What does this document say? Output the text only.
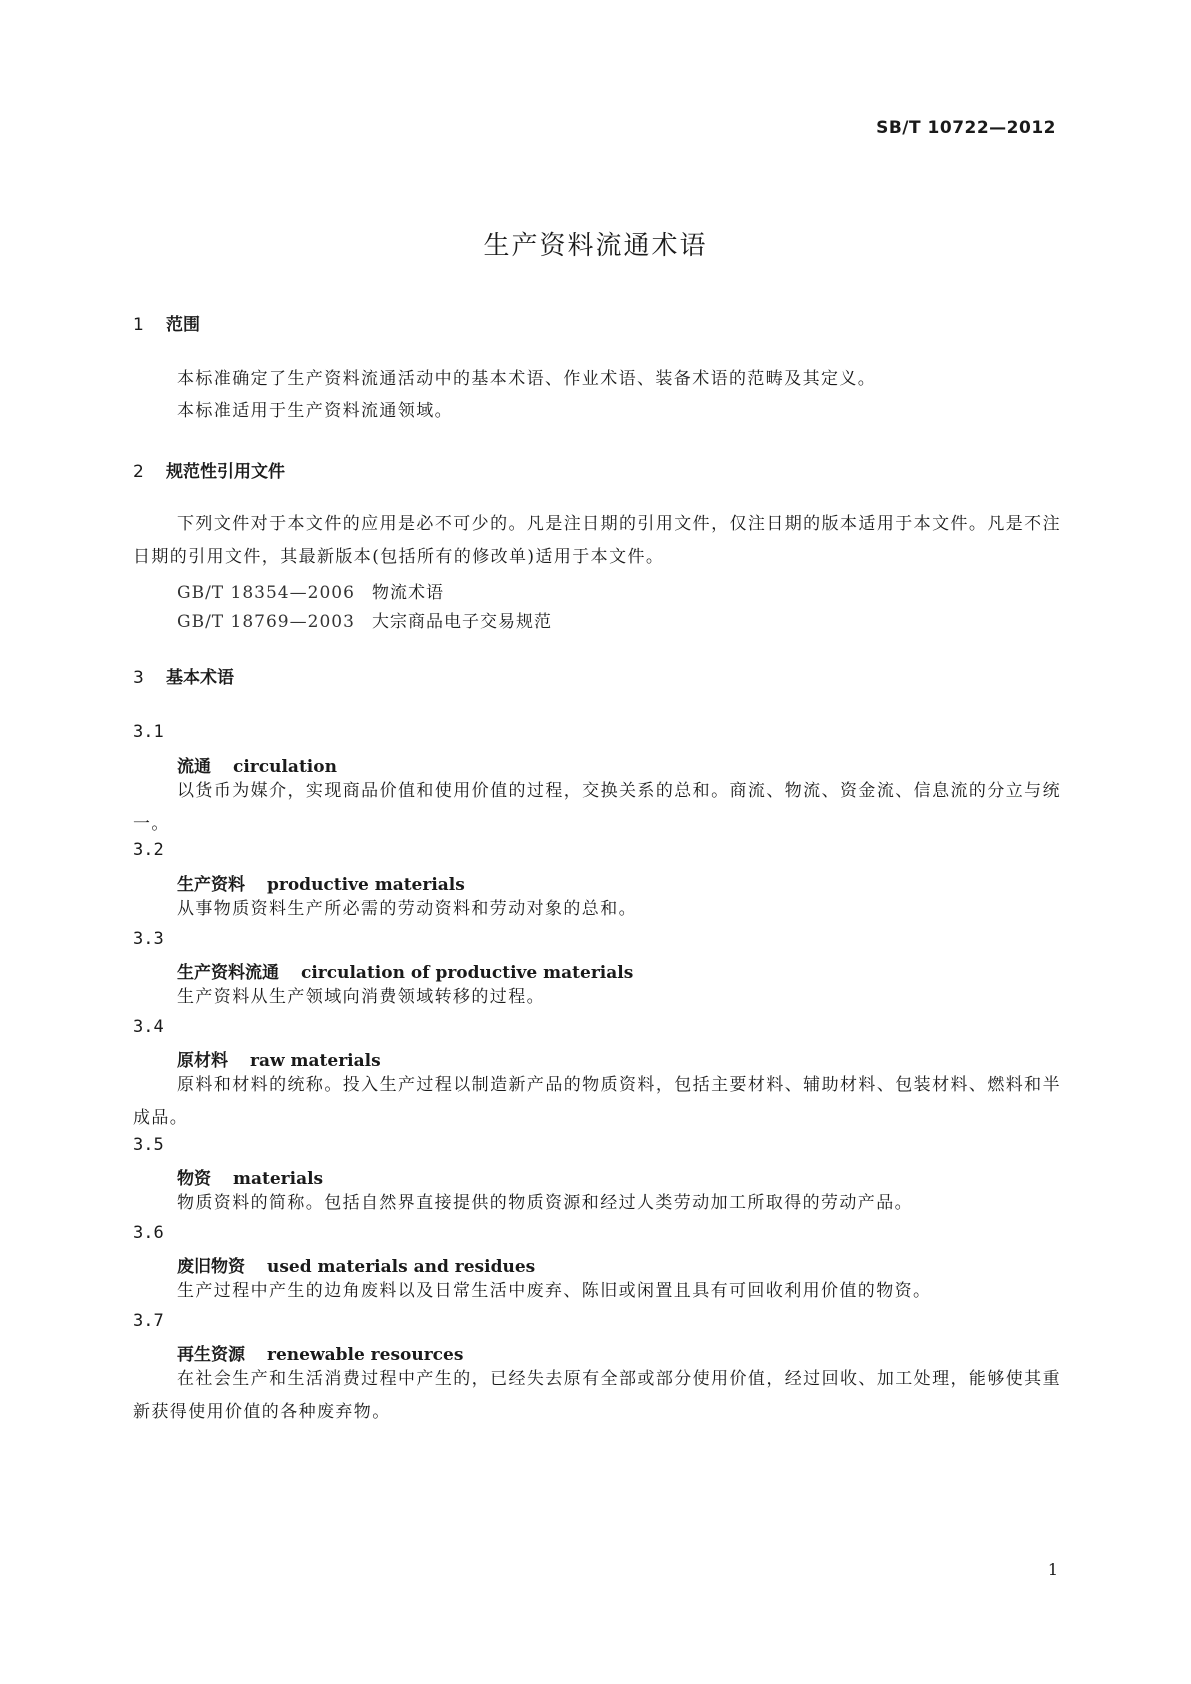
SB/T 10722—2012
生产资料流通术语
1 范围
本标准确定了生产资料流通活动中的基本术语、作业术语、装备术语的范畴及其定义。
本标准适用于生产资料流通领域。
2 规范性引用文件
下列文件对于本文件的应用是必不可少的。凡是注日期的引用文件，仅注日期的版本适用于本文件。凡是不注日期的引用文件，其最新版本(包括所有的修改单)适用于本文件。
GB/T 18354—2006 物流术语
GB/T 18769—2003 大宗商品电子交易规范
3 基本术语
3.1
流通 circulation
以货币为媒介，实现商品价值和使用价值的过程，交换关系的总和。商流、物流、资金流、信息流的分立与统一。
3.2
生产资料 productive materials
从事物质资料生产所必需的劳动资料和劳动对象的总和。
3.3
生产资料流通 circulation of productive materials
生产资料从生产领域向消费领域转移的过程。
3.4
原材料 raw materials
原料和材料的统称。投入生产过程以制造新产品的物质资料，包括主要材料、辅助材料、包装材料、燃料和半成品。
3.5
物资 materials
物质资料的简称。包括自然界直接提供的物质资源和经过人类劳动加工所取得的劳动产品。
3.6
废旧物资 used materials and residues
生产过程中产生的边角废料以及日常生活中废弃、陈旧或闲置且具有可回收利用价值的物资。
3.7
再生资源 renewable resources
在社会生产和生活消费过程中产生的，已经失去原有全部或部分使用价值，经过回收、加工处理，能够使其重新获得使用价值的各种废弃物。
1
